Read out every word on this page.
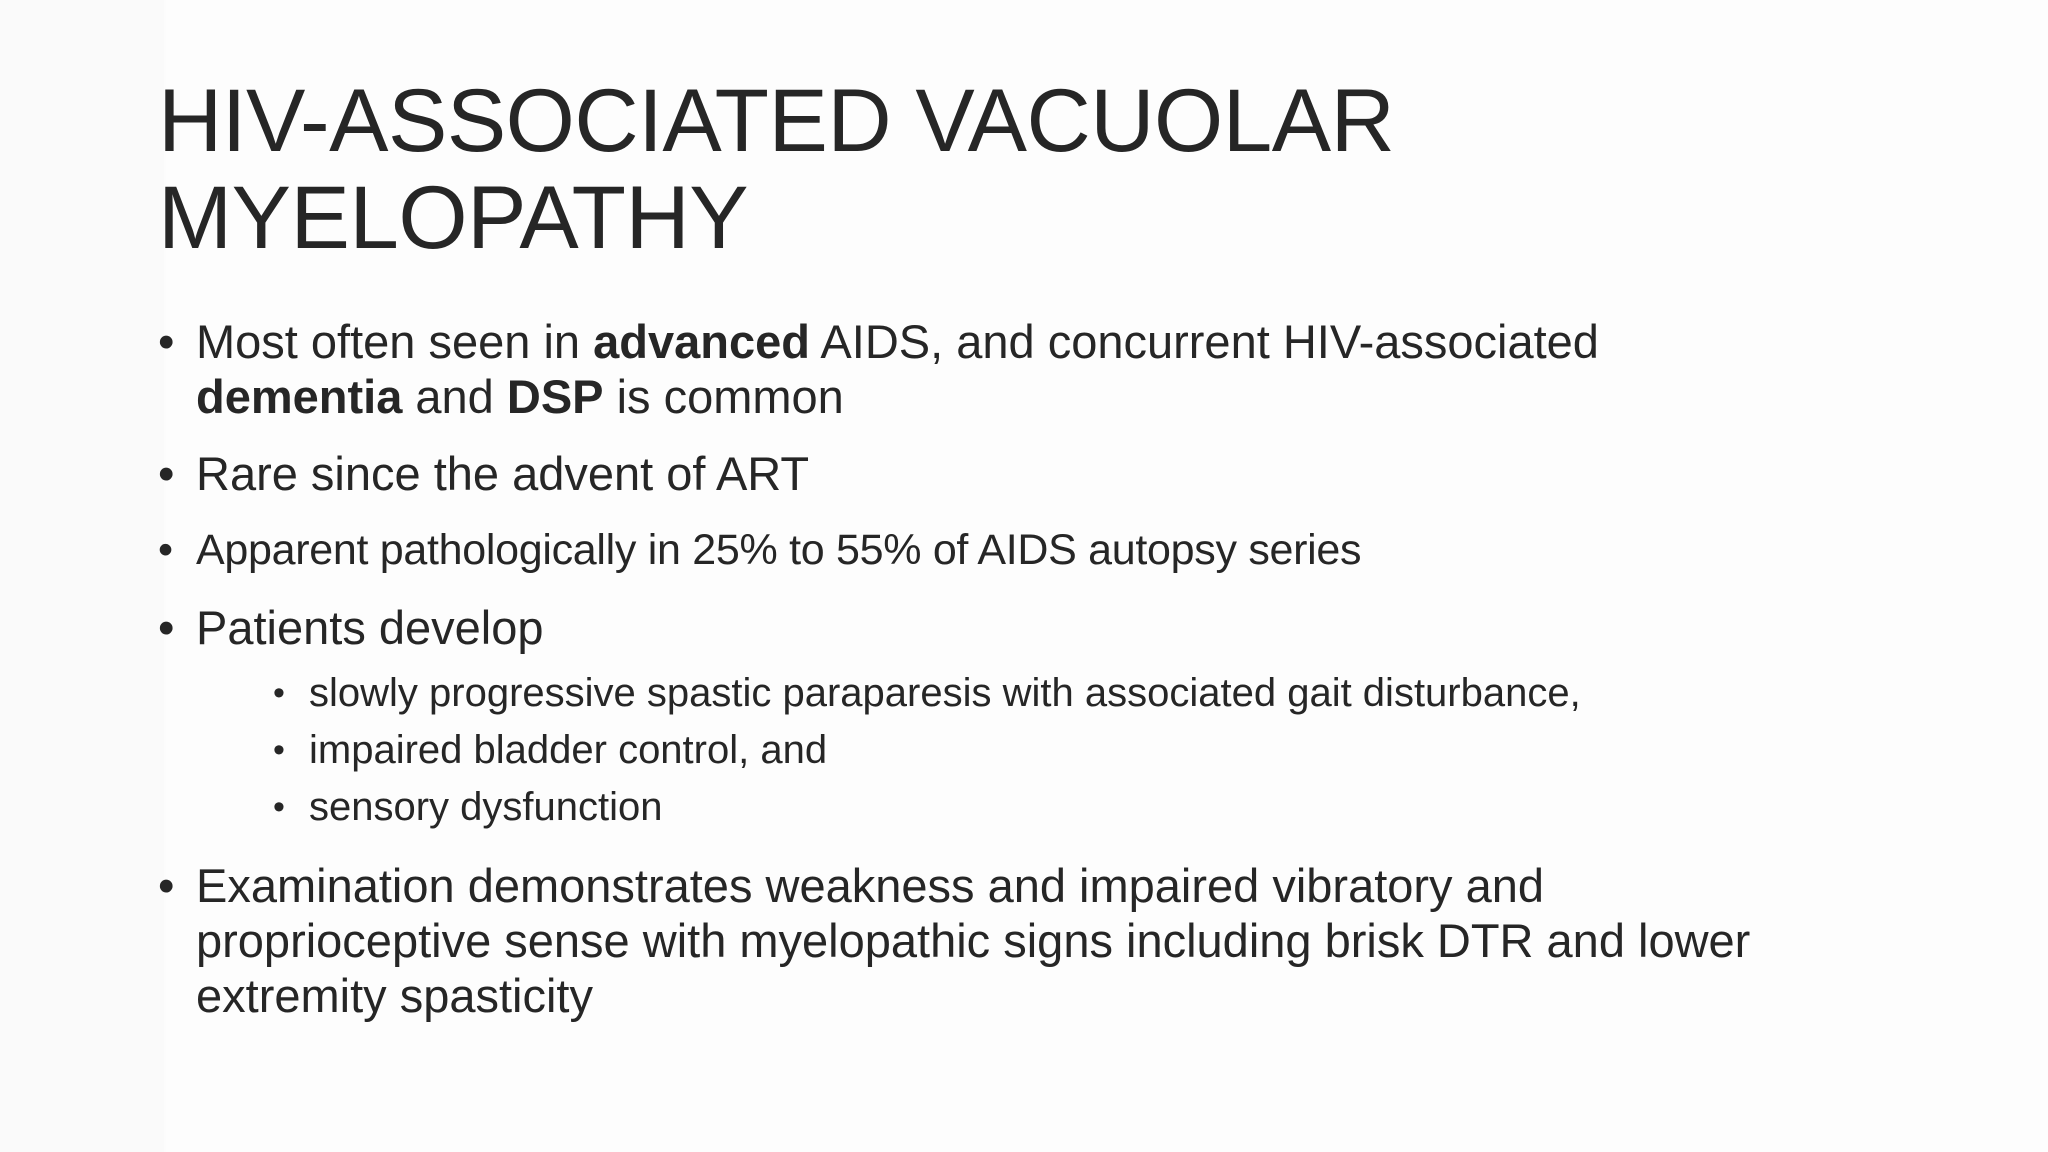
HIV-ASSOCIATED VACUOLAR
MYELOPATHY
• Most often seen in advanced AIDS, and concurrent HIV-associated
dementia and DSP is common
• Rare since the advent of ART
• Apparent pathologically in 25% to 55% of AIDS autopsy series
• Patients develop
• slowly progressive spastic paraparesis with associated gait disturbance,
• impaired bladder control, and
• sensory dysfunction
• Examination demonstrates weakness and impaired vibratory and
proprioceptive sense with myelopathic signs including brisk DTR and lower
extremity spasticity
